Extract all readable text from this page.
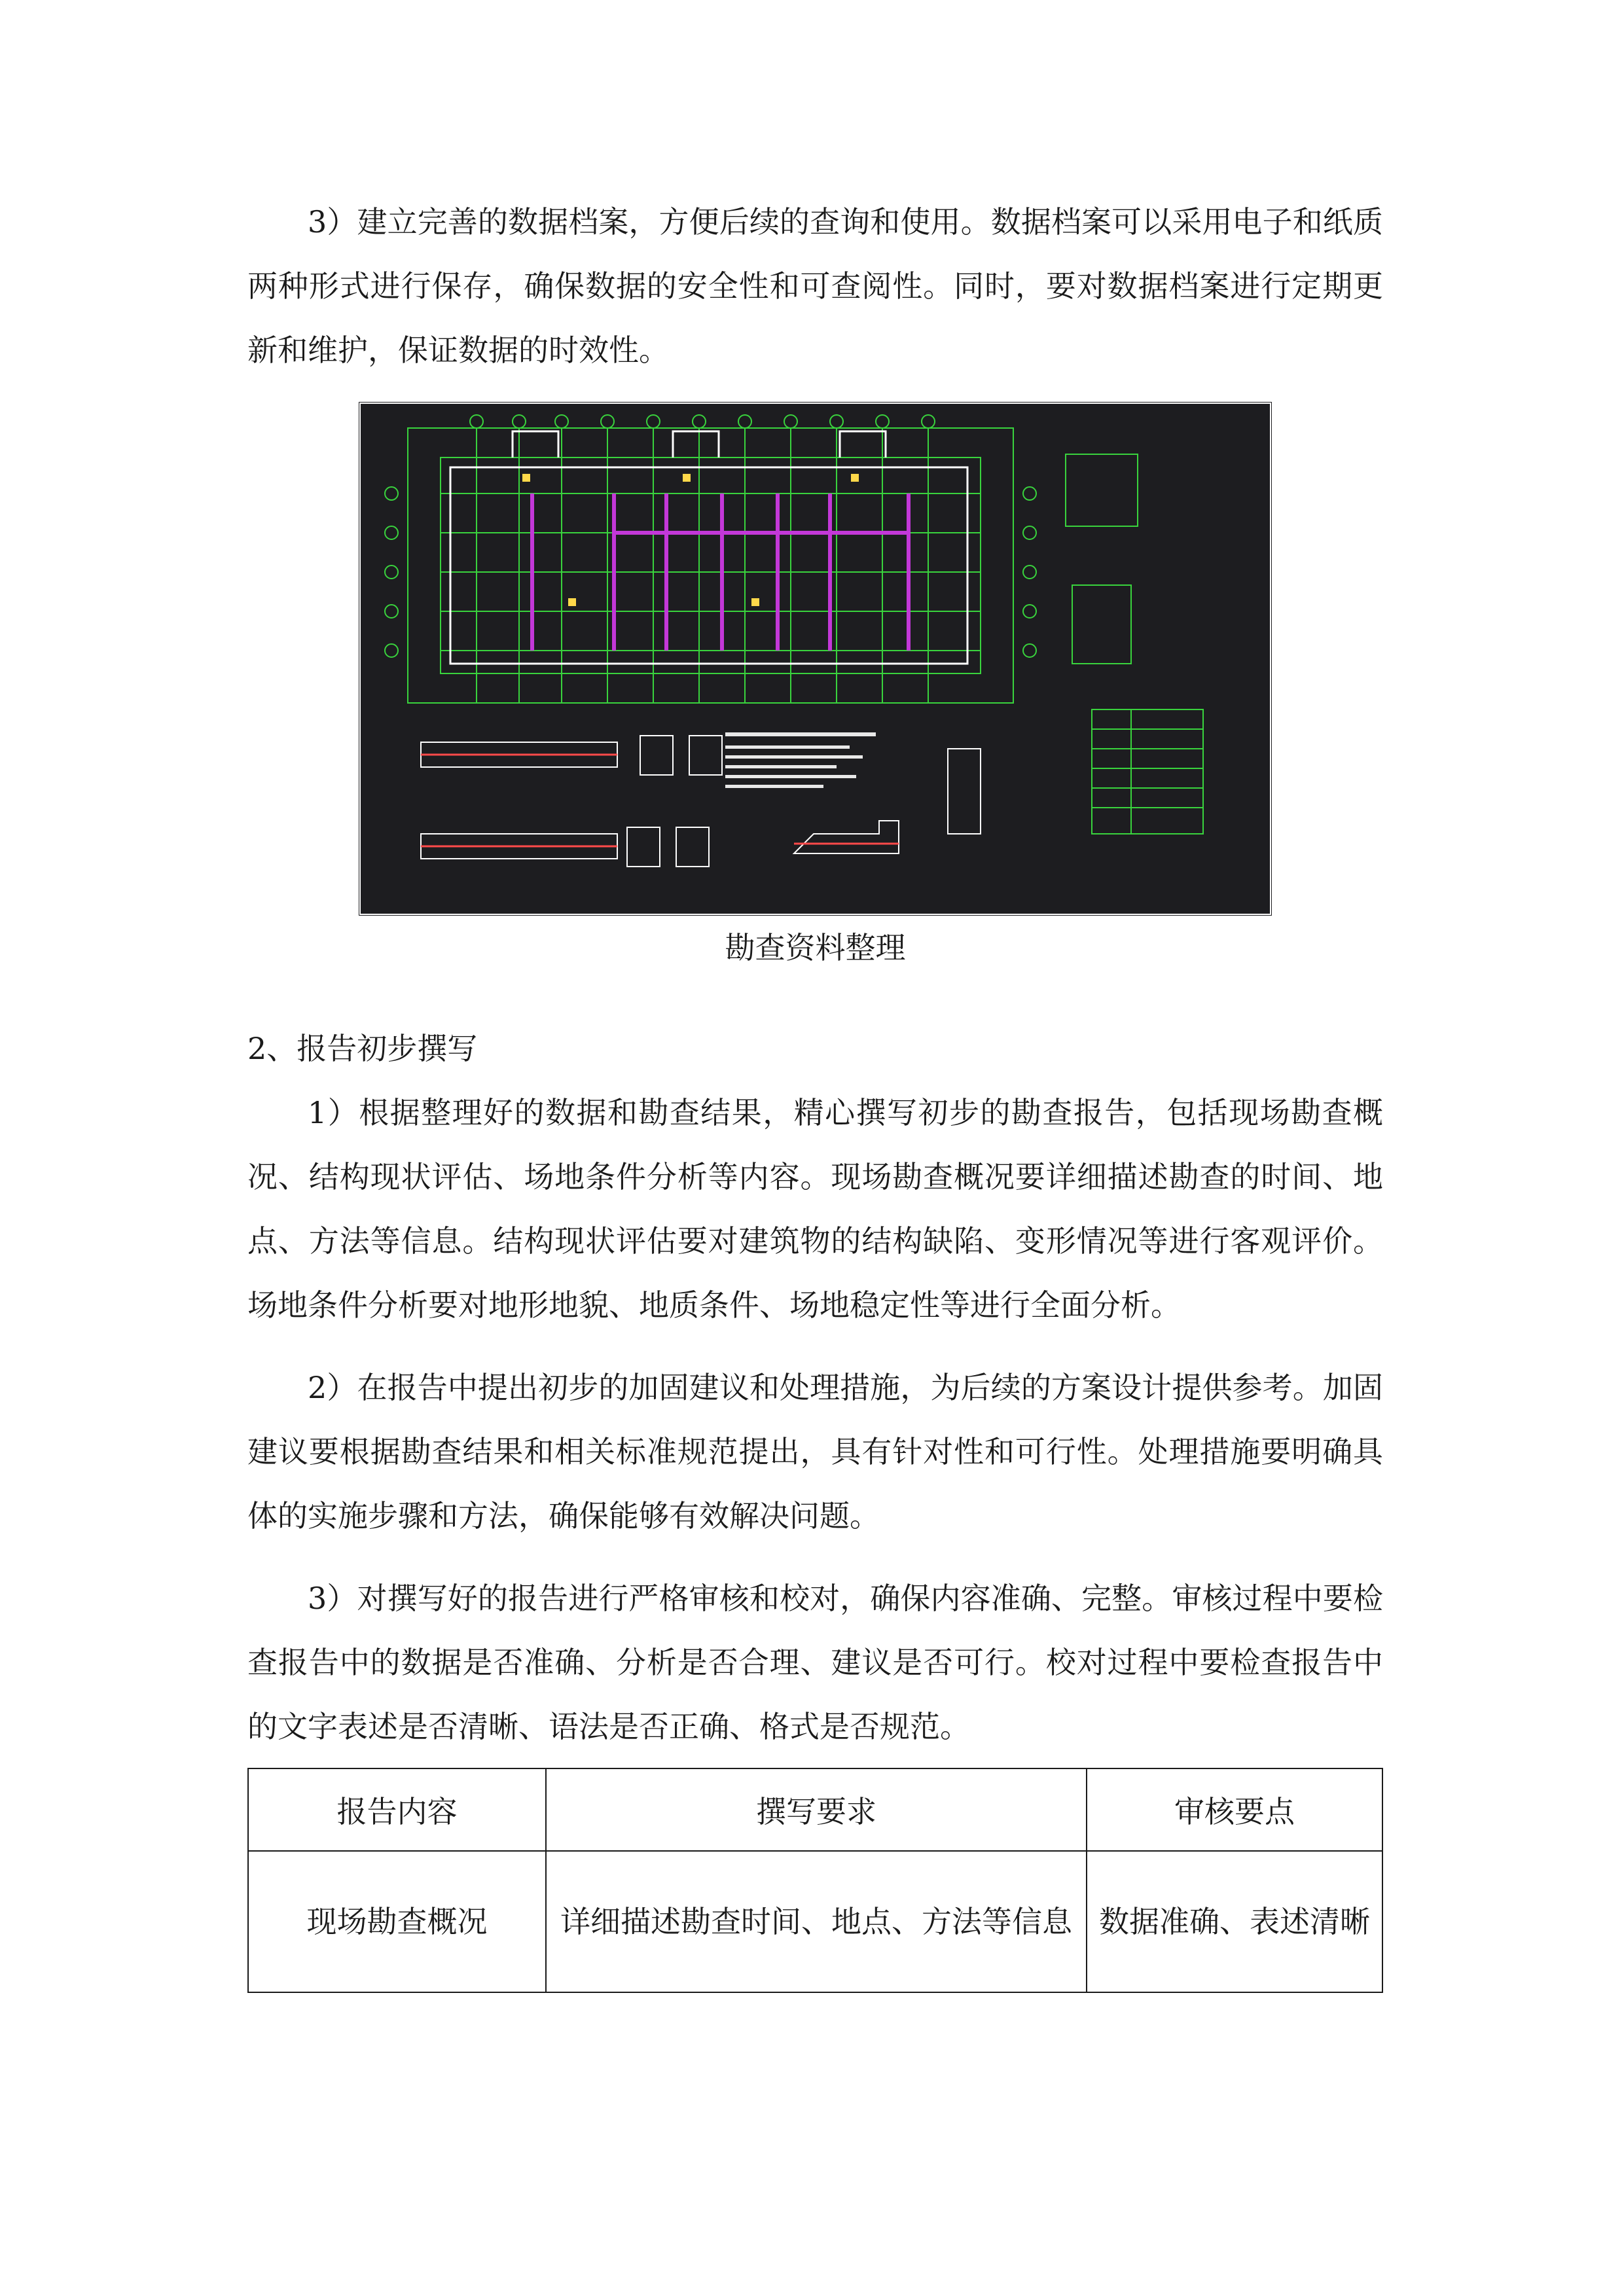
3）建立完善的数据档案，方便后续的查询和使用。数据档案可以采用电子和纸质两种形式进行保存，确保数据的安全性和可查阅性。同时，要对数据档案进行定期更新和维护，保证数据的时效性。

勘查资料整理
2、报告初步撰写

1）根据整理好的数据和勘查结果，精心撰写初步的勘查报告，包括现场勘查概况、结构现状评估、场地条件分析等内容。现场勘查概况要详细描述勘查的时间、地点、方法等信息。结构现状评估要对建筑物的结构缺陷、变形情况等进行客观评价。场地条件分析要对地形地貌、地质条件、场地稳定性等进行全面分析。

2）在报告中提出初步的加固建议和处理措施，为后续的方案设计提供参考。加固建议要根据勘查结果和相关标准规范提出，具有针对性和可行性。处理措施要明确具体的实施步骤和方法，确保能够有效解决问题。

3）对撰写好的报告进行严格审核和校对，确保内容准确、完整。审核过程中要检查报告中的数据是否准确、分析是否合理、建议是否可行。校对过程中要检查报告中的文字表述是否清晰、语法是否正确、格式是否规范。

报告内容	撰写要求	审核要点
现场勘查概况	详细描述勘查时间、地点、方法等信息	数据准确、表述清晰
